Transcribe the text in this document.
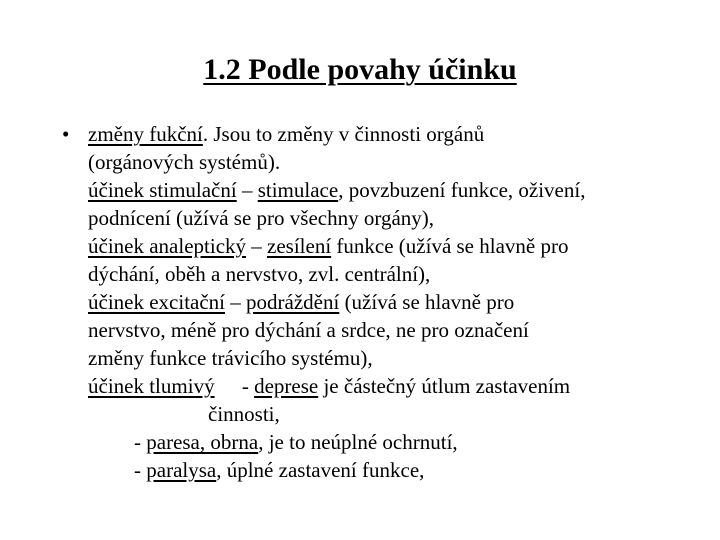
1.2 Podle povahy účinku
• změny fukční. Jsou to změny v činnosti orgánů
(orgánových systémů).
účinek stimulační – stimulace, povzbuzení funkce, oživení,
podnícení (užívá se pro všechny orgány),
účinek analeptický – zesílení funkce (užívá se hlavně pro
dýchání, oběh a nervstvo, zvl. centrální),
účinek excitační – podráždění (užívá se hlavně pro
nervstvo, méně pro dýchání a srdce, ne pro označení
změny funkce trávicího systému),
účinek tlumivý - deprese je částečný útlum zastavením
činnosti,
- paresa, obrna, je to neúplné ochrnutí,
- paralysa, úplné zastavení funkce,
